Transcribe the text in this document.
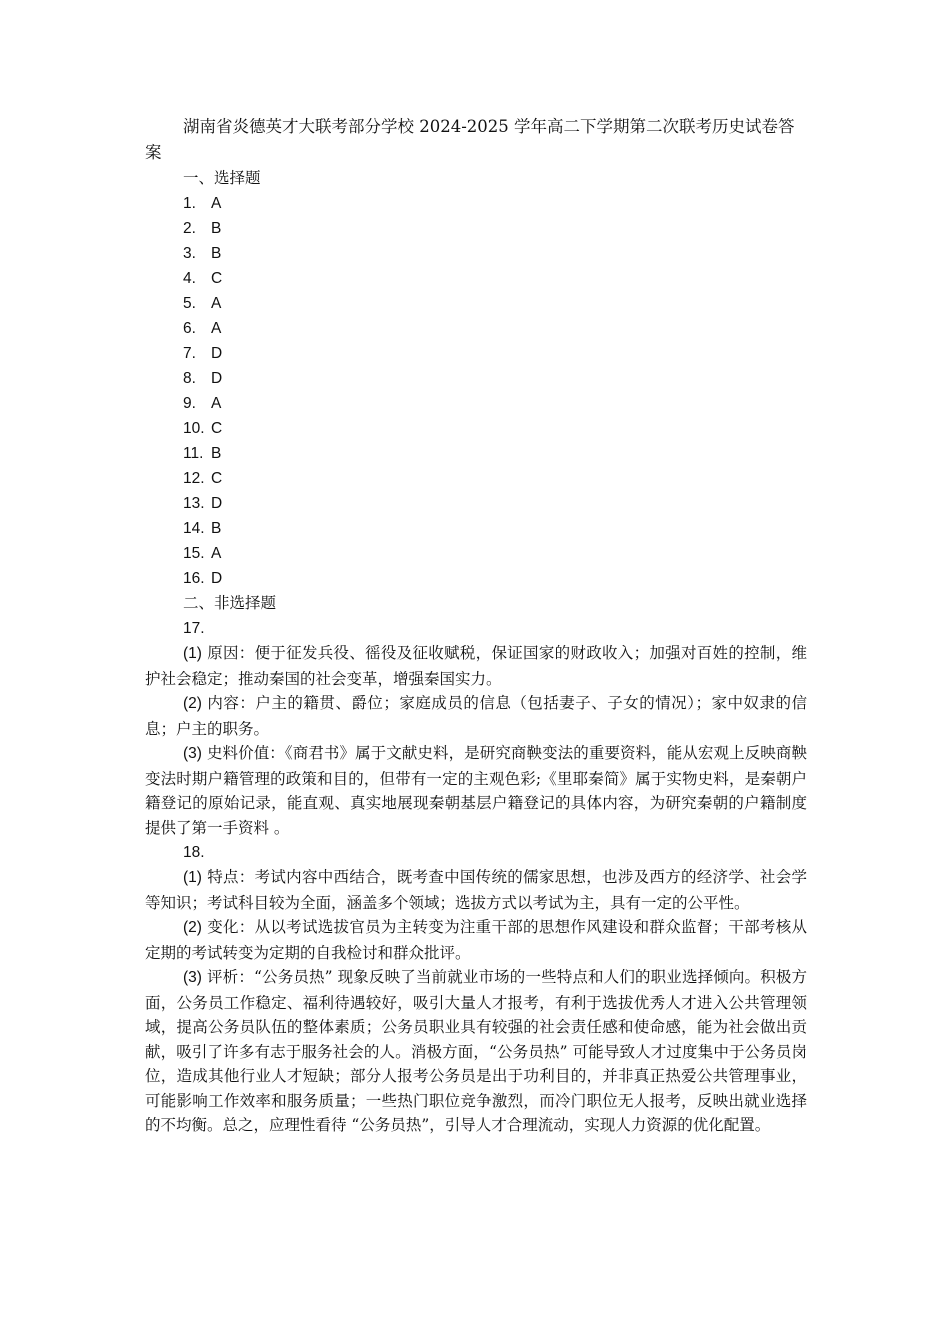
湖南省炎德英才大联考部分学校 2024-2025 学年高二下学期第二次联考历史试卷答案

一、选择题

1. A
2. B
3. B
4. C
5. A
6. A
7. D
8. D
9. A
10. C
11. B
12. C
13. D
14. B
15. A
16. D

二、非选择题

17.

(1) 原因：便于征发兵役、徭役及征收赋税，保证国家的财政收入；加强对百姓的控制，维护社会稳定；推动秦国的社会变革，增强秦国实力。

(2) 内容：户主的籍贯、爵位；家庭成员的信息（包括妻子、子女的情况）；家中奴隶的信息；户主的职务。

(3) 史料价值：《商君书》属于文献史料，是研究商鞅变法的重要资料，能从宏观上反映商鞅变法时期户籍管理的政策和目的，但带有一定的主观色彩;《里耶秦简》属于实物史料，是秦朝户籍登记的原始记录，能直观、真实地展现秦朝基层户籍登记的具体内容，为研究秦朝的户籍制度提供了第一手资料 。

18.

(1) 特点：考试内容中西结合，既考查中国传统的儒家思想，也涉及西方的经济学、社会学等知识；考试科目较为全面，涵盖多个领域；选拔方式以考试为主，具有一定的公平性。

(2) 变化：从以考试选拔官员为主转变为注重干部的思想作风建设和群众监督；干部考核从定期的考试转变为定期的自我检讨和群众批评。

(3) 评析：“公务员热” 现象反映了当前就业市场的一些特点和人们的职业选择倾向。积极方面，公务员工作稳定、福利待遇较好，吸引大量人才报考，有利于选拔优秀人才进入公共管理领域，提高公务员队伍的整体素质；公务员职业具有较强的社会责任感和使命感，能为社会做出贡献，吸引了许多有志于服务社会的人。消极方面，“公务员热” 可能导致人才过度集中于公务员岗位，造成其他行业人才短缺；部分人报考公务员是出于功利目的，并非真正热爱公共管理事业，可能影响工作效率和服务质量；一些热门职位竞争激烈，而冷门职位无人报考，反映出就业选择的不均衡。总之，应理性看待 “公务员热”，引导人才合理流动，实现人力资源的优化配置。
